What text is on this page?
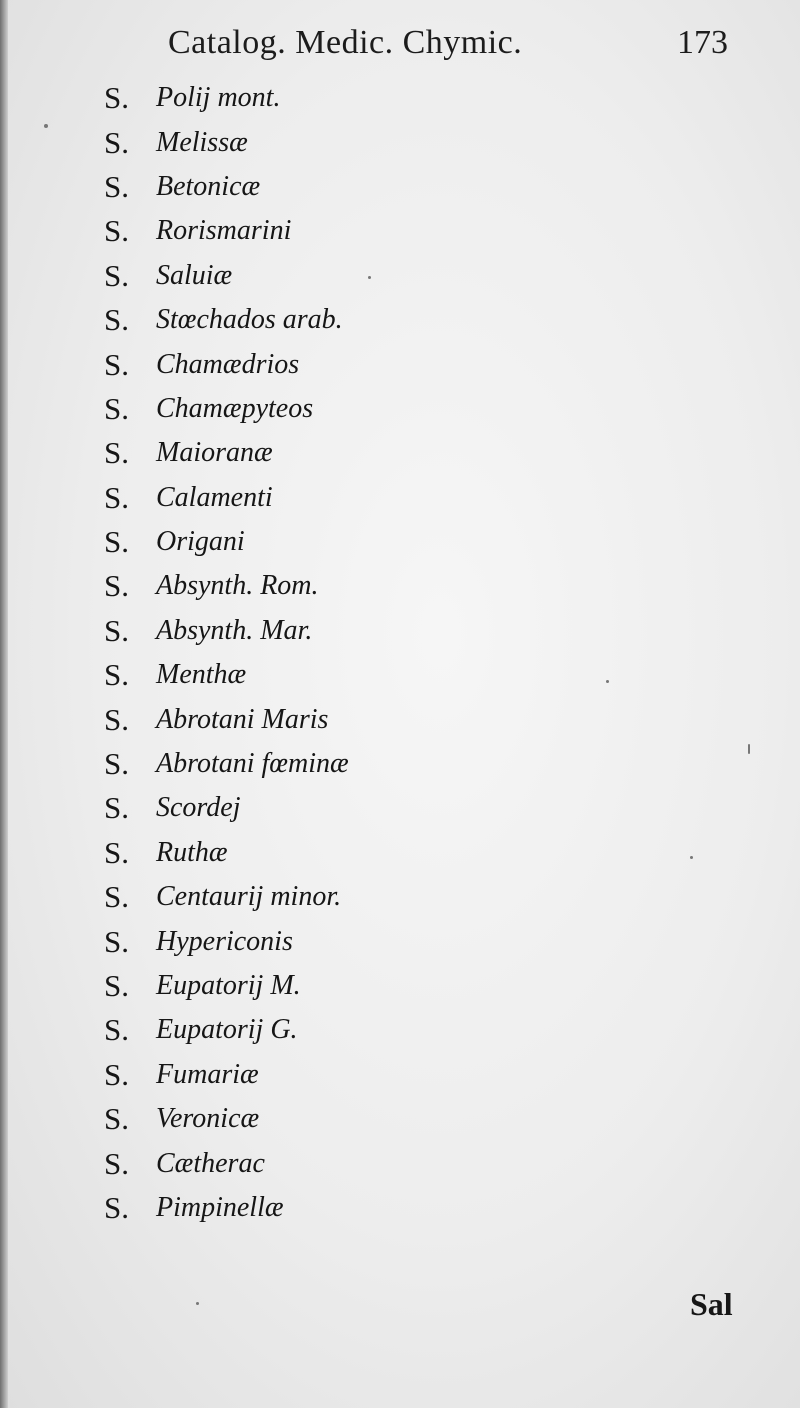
Catalog. Medic. Chymic.	173
S. Polij mont.
S. Melissæ
S. Betonicæ
S. Rorismarini
S. Saluiæ
S. Stœchados arab.
S. Chamædrios
S. Chamæpyteos
S. Maioranæ
S. Calamenti
S. Origani
S. Absynth. Rom.
S. Absynth. Mar.
S. Menthæ
S. Abrotani Maris
S. Abrotani fœminæ
S. Scordej
S. Ruthæ
S. Centaurij minor.
S. Hypericonis
S. Eupatorij M.
S. Eupatorij G.
S. Fumariæ
S. Veronicæ
S. Cætherac
S. Pimpinellæ
Sal
